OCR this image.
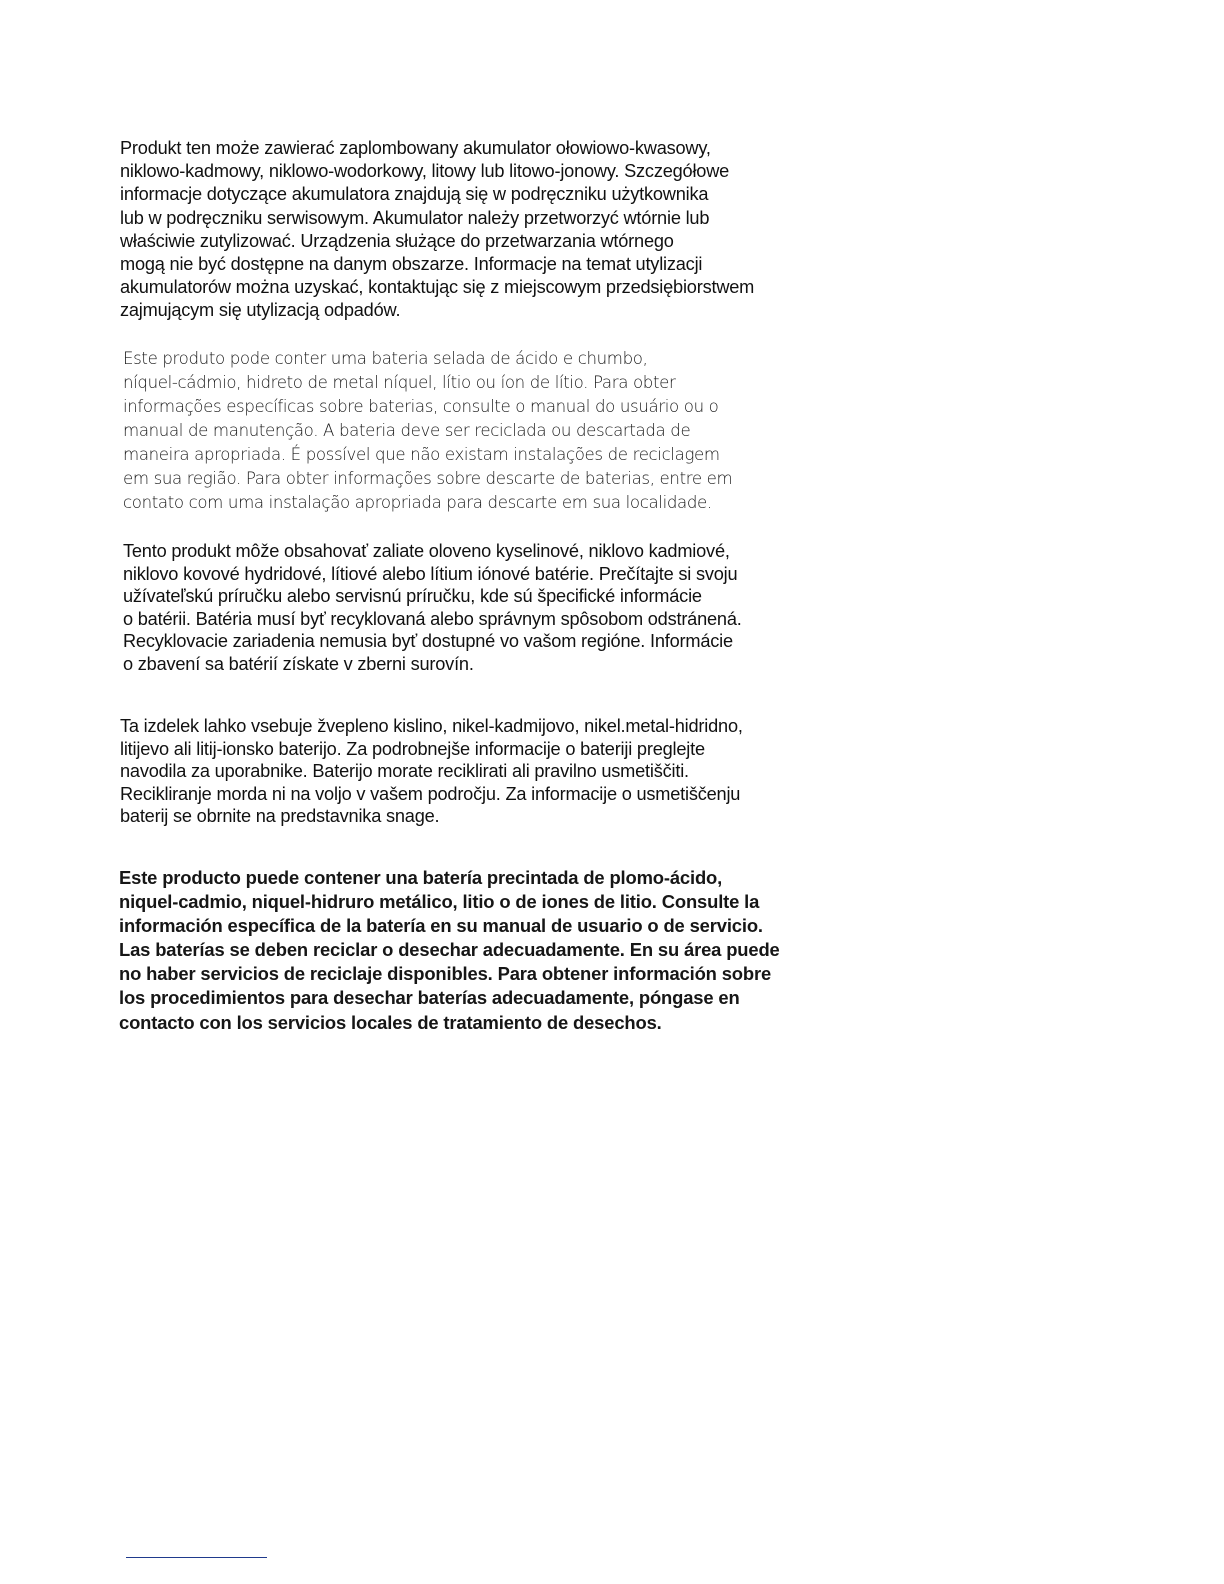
Produkt ten może zawierać zaplombowany akumulator ołowiowo-kwasowy,
niklowo-kadmowy, niklowo-wodorkowy, litowy lub litowo-jonowy. Szczegółowe
informacje dotyczące akumulatora znajdują się w podręczniku użytkownika
lub w podręczniku serwisowym. Akumulator należy przetworzyć wtórnie lub
właściwie zutylizować. Urządzenia służące do przetwarzania wtórnego
mogą nie być dostępne na danym obszarze. Informacje na temat utylizacji
akumulatorów można uzyskać, kontaktując się z miejscowym przedsiębiorstwem
zajmującym się utylizacją odpadów.
Este produto pode conter uma bateria selada de ácido e chumbo,
níquel-cádmio, hidreto de metal níquel, lítio ou íon de lítio. Para obter
informações específicas sobre baterias, consulte o manual do usuário ou o
manual de manutenção. A bateria deve ser reciclada ou descartada de
maneira apropriada. É possível que não existam instalações de reciclagem
em sua região. Para obter informações sobre descarte de baterias, entre em
contato com uma instalação apropriada para descarte em sua localidade.
Tento produkt môže obsahovať zaliate oloveno kyselinové, niklovo kadmiové,
niklovo kovové hydridové, lítiové alebo lítium iónové batérie. Prečítajte si svoju
užívateľskú príručku alebo servisnú príručku, kde sú špecifické informácie
o batérii. Batéria musí byť recyklovaná alebo správnym spôsobom odstránená.
Recyklovacie zariadenia nemusia byť dostupné vo vašom regióne. Informácie
o zbavení sa batérií získate v zberni surovín.
Ta izdelek lahko vsebuje žvepleno kislino, nikel-kadmijovo, nikel.metal-hidridno,
litijevo ali litij-ionsko baterijo. Za podrobnejše informacije o bateriji preglejte
navodila za uporabnike. Baterijo morate reciklirati ali pravilno usmetiščiti.
Recikliranje morda ni na voljo v vašem področju. Za informacije o usmetiščenju
baterij se obrnite na predstavnika snage.
Este producto puede contener una batería precintada de plomo-ácido,
niquel-cadmio, niquel-hidruro metálico, litio o de iones de litio. Consulte la
información específica de la batería en su manual de usuario o de servicio.
Las baterías se deben reciclar o desechar adecuadamente. En su área puede
no haber servicios de reciclaje disponibles. Para obtener información sobre
los procedimientos para desechar baterías adecuadamente, póngase en
contacto con los servicios locales de tratamiento de desechos.
